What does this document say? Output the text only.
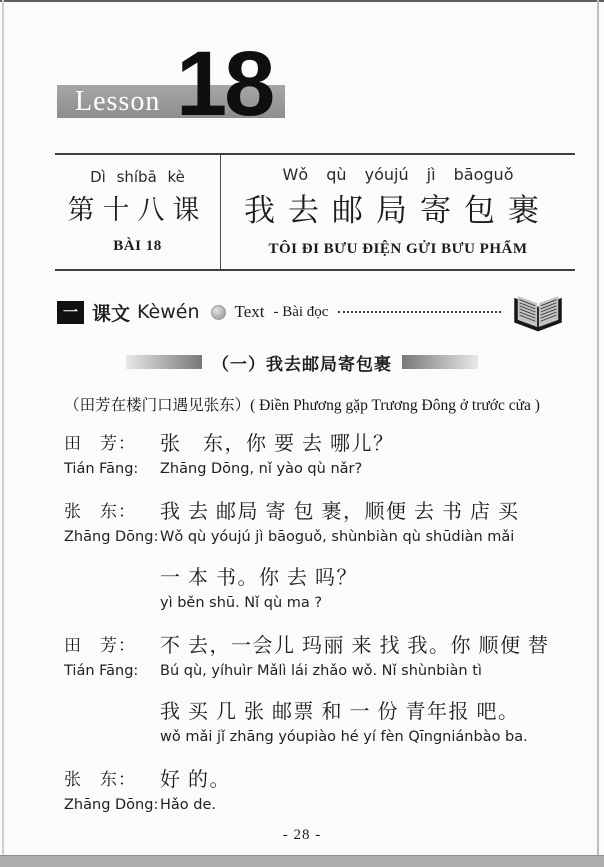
Lesson 18
Dì shíbā kè
第十八课
BÀI 18
Wǒ qù yóujú jì bāoguǒ
我去邮局寄包裹
TÔI ĐI BƯU ĐIỆN GỬI BƯU PHẨM
一 课文 Kèwén Text - Bài đọc
（一）我去邮局寄包裹
（田芳在楼门口遇见张东）( Điền Phương gặp Trương Đông ở trước cửa )
田　芳：
Tián Fāng:
张　东，你 要 去 哪儿？
Zhāng Dōng, nǐ yào qù nǎr?
张　东：
Zhāng Dōng:
我 去 邮局 寄 包 裹，顺便 去 书 店 买
Wǒ qù yóujú jì bāoguǒ, shùnbiàn qù shūdiàn mǎi
一 本 书。你 去 吗？
yì běn shū. Nǐ qù ma ?
田　芳：
Tián Fāng:
不 去，一会儿 玛丽 来 找 我。你 顺便 替
Bú qù, yíhuìr Mǎlì lái zhǎo wǒ. Nǐ shùnbiàn tì
我 买 几 张 邮票 和 一 份 青年报 吧。
wǒ mǎi jǐ zhāng yóupiào hé yí fèn Qīngniánbào ba.
张　东：
Zhāng Dōng:
好 的。
Hǎo de.
- 28 -
